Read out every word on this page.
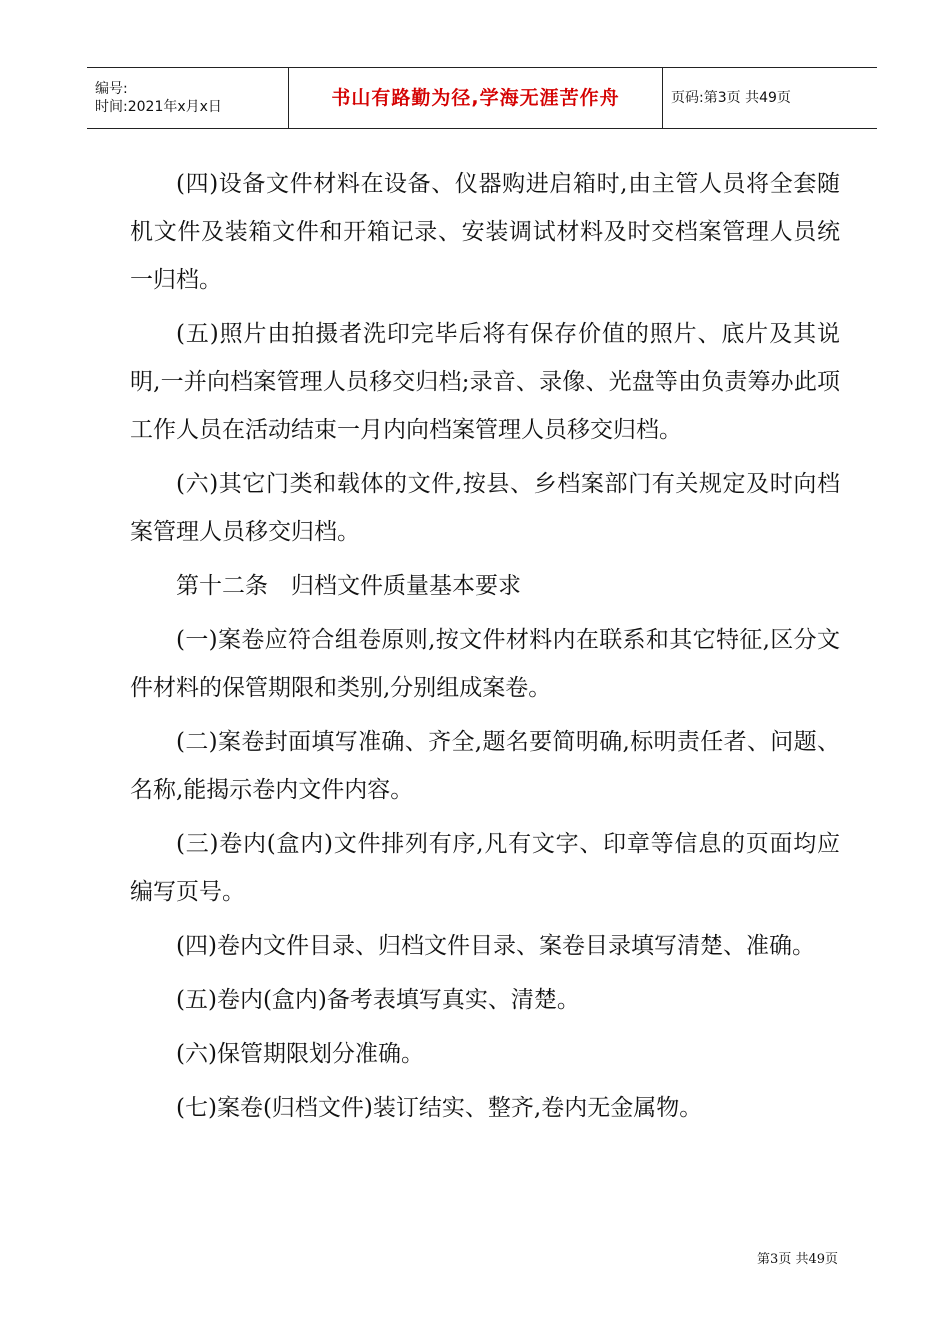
编号:
时间:2021年x月x日	书山有路勤为径,学海无涯苦作舟	页码:第3页 共49页

(四)设备文件材料在设备、仪器购进启箱时,由主管人员将全套随机文件及装箱文件和开箱记录、安装调试材料及时交档案管理人员统一归档。

(五)照片由拍摄者洗印完毕后将有保存价值的照片、底片及其说明,一并向档案管理人员移交归档;录音、录像、光盘等由负责筹办此项工作人员在活动结束一月内向档案管理人员移交归档。

(六)其它门类和载体的文件,按县、乡档案部门有关规定及时向档案管理人员移交归档。

第十二条　归档文件质量基本要求

(一)案卷应符合组卷原则,按文件材料内在联系和其它特征,区分文件材料的保管期限和类别,分别组成案卷。

(二)案卷封面填写准确、齐全,题名要简明确,标明责任者、问题、名称,能揭示卷内文件内容。

(三)卷内(盒内)文件排列有序,凡有文字、印章等信息的页面均应编写页号。

(四)卷内文件目录、归档文件目录、案卷目录填写清楚、准确。

(五)卷内(盒内)备考表填写真实、清楚。

(六)保管期限划分准确。

(七)案卷(归档文件)装订结实、整齐,卷内无金属物。

第3页 共49页
